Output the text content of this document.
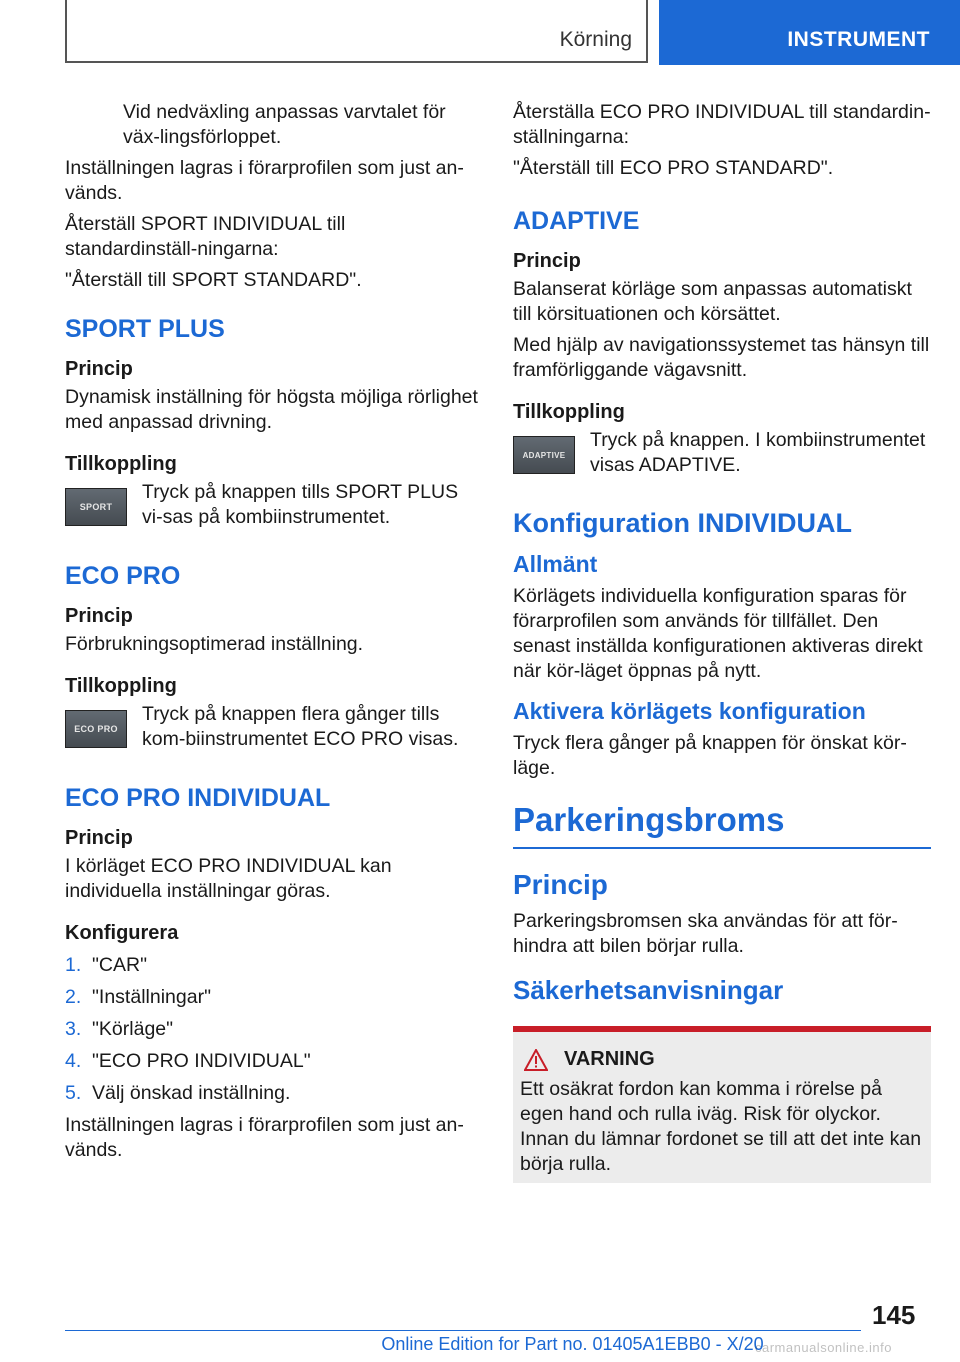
Körning	INSTRUMENT

Vid nedväxling anpassas varvtalet för väx-lingsförloppet.

Inställningen lagras i förarprofilen som just an-vänds.

Återställ SPORT INDIVIDUAL till standardinställ-ningarna:

"Återställ till SPORT STANDARD".

SPORT PLUS
Princip

Dynamisk inställning för högsta möjliga rörlighet med anpassad drivning.

Tillkoppling
SPORT

Tryck på knappen tills SPORT PLUS vi-sas på kombiinstrumentet.

ECO PRO
Princip

Förbrukningsoptimerad inställning.

Tillkoppling
ECO PRO

Tryck på knappen flera gånger tills kom-biinstrumentet ECO PRO visas.

ECO PRO INDIVIDUAL
Princip

I körläget ECO PRO INDIVIDUAL kan individuella inställningar göras.

Konfigurera
1. "CAR"
2. "Inställningar"
3. "Körläge"
4. "ECO PRO INDIVIDUAL"
5. Välj önskad inställning.

Inställningen lagras i förarprofilen som just an-vänds.

Återställa ECO PRO INDIVIDUAL till standardin-ställningarna:

"Återställ till ECO PRO STANDARD".

ADAPTIVE
Princip

Balanserat körläge som anpassas automatiskt till körsituationen och körsättet.

Med hjälp av navigationssystemet tas hänsyn till framförliggande vägavsnitt.

Tillkoppling
ADAPTIVE

Tryck på knappen. I kombiinstrumentet visas ADAPTIVE.

Konfiguration INDIVIDUAL
Allmänt

Körlägets individuella konfiguration sparas för förarprofilen som används för tillfället. Den senast inställda konfigurationen aktiveras direkt när kör-läget öppnas på nytt.

Aktivera körlägets konfiguration

Tryck flera gånger på knappen för önskat kör-läge.

Parkeringsbroms
Princip

Parkeringsbromsen ska användas för att för-hindra att bilen börjar rulla.

Säkerhetsanvisningar
VARNING

Ett osäkrat fordon kan komma i rörelse på egen hand och rulla iväg. Risk för olyckor. Innan du lämnar fordonet se till att det inte kan börja rulla.

145
Online Edition for Part no. 01405A1EBB0 - X/20
carmanualsonline.info
